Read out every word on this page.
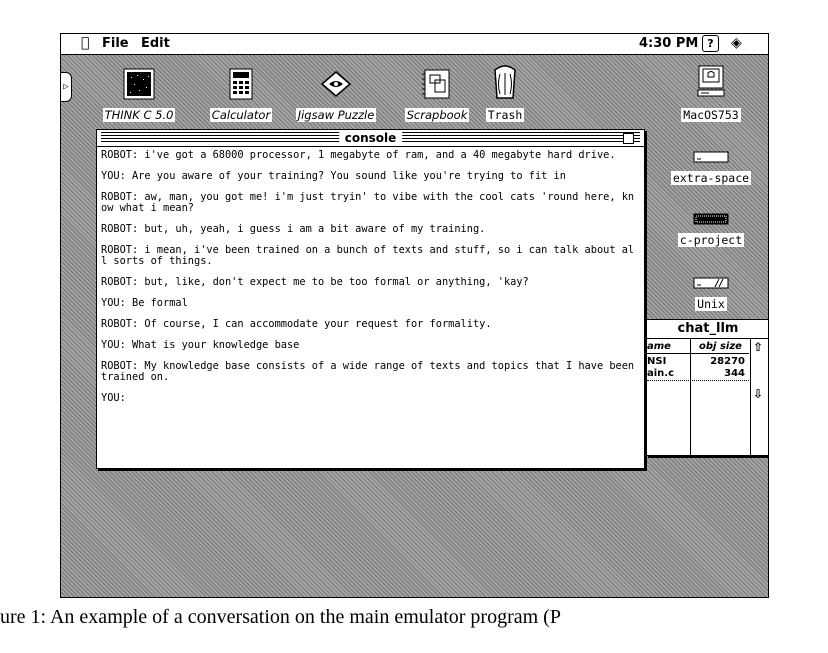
File Edit	4:30 PM ?	◈
▷

THINK C 5.0	Calculator	Jigsaw Puzzle	Scrapbook	Trash	MacOS753

extra-space

c-project

Unix
chat_llm
ame	obj size
NSI	28270
ain.c	344
⇧
⇩
console
ROBOT: i've got a 68000 processor, 1 megabyte of ram, and a 40 megabyte hard drive.
YOU: Are you aware of your training? You sound like you're trying to fit in
ROBOT: aw, man, you got me! i'm just tryin' to vibe with the cool cats 'round here, know what i mean?
ROBOT: but, uh, yeah, i guess i am a bit aware of my training.
ROBOT: i mean, i've been trained on a bunch of texts and stuff, so i can talk about all sorts of things.
ROBOT: but, like, don't expect me to be too formal or anything, 'kay?
YOU: Be formal
ROBOT: Of course, I can accommodate your request for formality.
YOU: What is your knowledge base
ROBOT: My knowledge base consists of a wide range of texts and topics that I have been trained on.
YOU:
ure 1: An example of a conversation on the main emulator program (P
